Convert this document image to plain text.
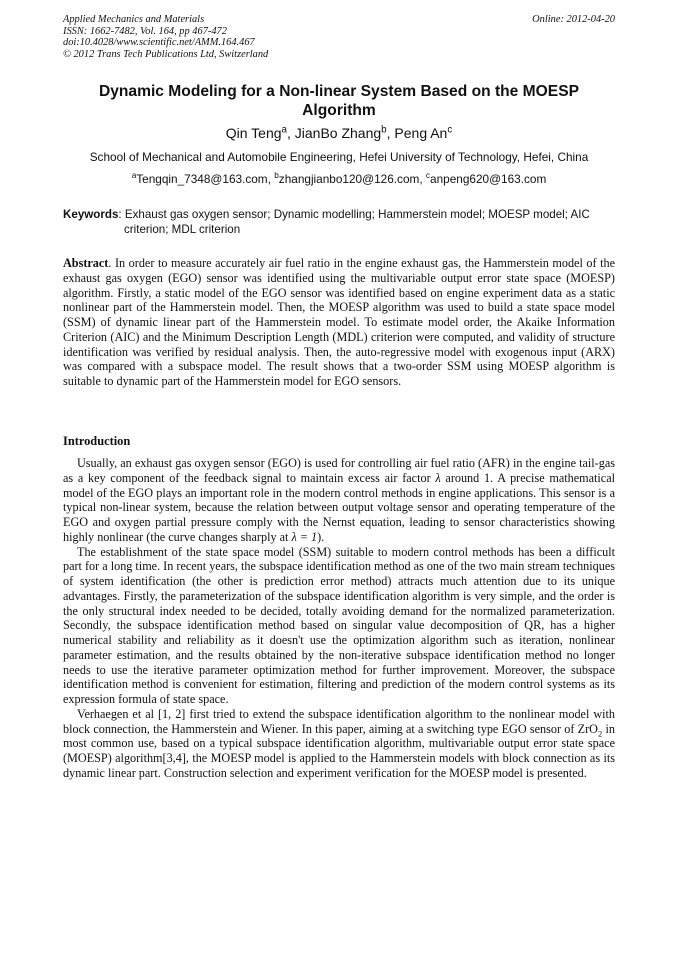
Applied Mechanics and Materials
ISSN: 1662-7482, Vol. 164, pp 467-472
doi:10.4028/www.scientific.net/AMM.164.467
© 2012 Trans Tech Publications Ltd, Switzerland
Online: 2012-04-20
Dynamic Modeling for a Non-linear System Based on the MOESP Algorithm
Qin Teng$^a$, JianBo Zhang$^b$, Peng An$^c$
School of Mechanical and Automobile Engineering, Hefei University of Technology, Hefei, China
$^a$Tengqin_7348@163.com, $^b$zhangjianbo120@126.com, $^c$anpeng620@163.com
Keywords: Exhaust gas oxygen sensor; Dynamic modelling; Hammerstein model; MOESP model; AIC criterion; MDL criterion
Abstract. In order to measure accurately air fuel ratio in the engine exhaust gas, the Hammerstein model of the exhaust gas oxygen (EGO) sensor was identified using the multivariable output error state space (MOESP) algorithm. Firstly, a static model of the EGO sensor was identified based on engine experiment data as a static nonlinear part of the Hammerstein model. Then, the MOESP algorithm was used to build a state space model (SSM) of dynamic linear part of the Hammerstein model. To estimate model order, the Akaike Information Criterion (AIC) and the Minimum Description Length (MDL) criterion were computed, and validity of structure identification was verified by residual analysis. Then, the auto-regressive model with exogenous input (ARX) was compared with a subspace model. The result shows that a two-order SSM using MOESP algorithm is suitable to dynamic part of the Hammerstein model for EGO sensors.
Introduction

Usually, an exhaust gas oxygen sensor (EGO) is used for controlling air fuel ratio (AFR) in the engine tail-gas as a key component of the feedback signal to maintain excess air factor λ around 1. A precise mathematical model of the EGO plays an important role in the modern control methods in engine applications. This sensor is a typical non-linear system, because the relation between output voltage sensor and operating temperature of the EGO and oxygen partial pressure comply with the Nernst equation, leading to sensor characteristics showing highly nonlinear (the curve changes sharply at λ = 1).

The establishment of the state space model (SSM) suitable to modern control methods has been a difficult part for a long time. In recent years, the subspace identification method as one of the two main stream techniques of system identification (the other is prediction error method) attracts much attention due to its unique advantages. Firstly, the parameterization of the subspace identification algorithm is very simple, and the order is the only structural index needed to be decided, totally avoiding demand for the normalized parameterization. Secondly, the subspace identification method based on singular value decomposition of QR, has a higher numerical stability and reliability as it doesn't use the optimization algorithm such as iteration, nonlinear parameter estimation, and the results obtained by the non-iterative subspace identification method no longer needs to use the iterative parameter optimization method for further improvement. Moreover, the subspace identification method is convenient for estimation, filtering and prediction of the modern control systems as its expression formula of state space.

Verhaegen et al [1, 2] first tried to extend the subspace identification algorithm to the nonlinear model with block connection, the Hammerstein and Wiener. In this paper, aiming at a switching type EGO sensor of ZrO$_2$ in most common use, based on a typical subspace identification algorithm, multivariable output error state space (MOESP) algorithm[3,4], the MOESP model is applied to the Hammerstein models with block connection as its dynamic linear part. Construction selection and experiment verification for the MOESP model is presented.
